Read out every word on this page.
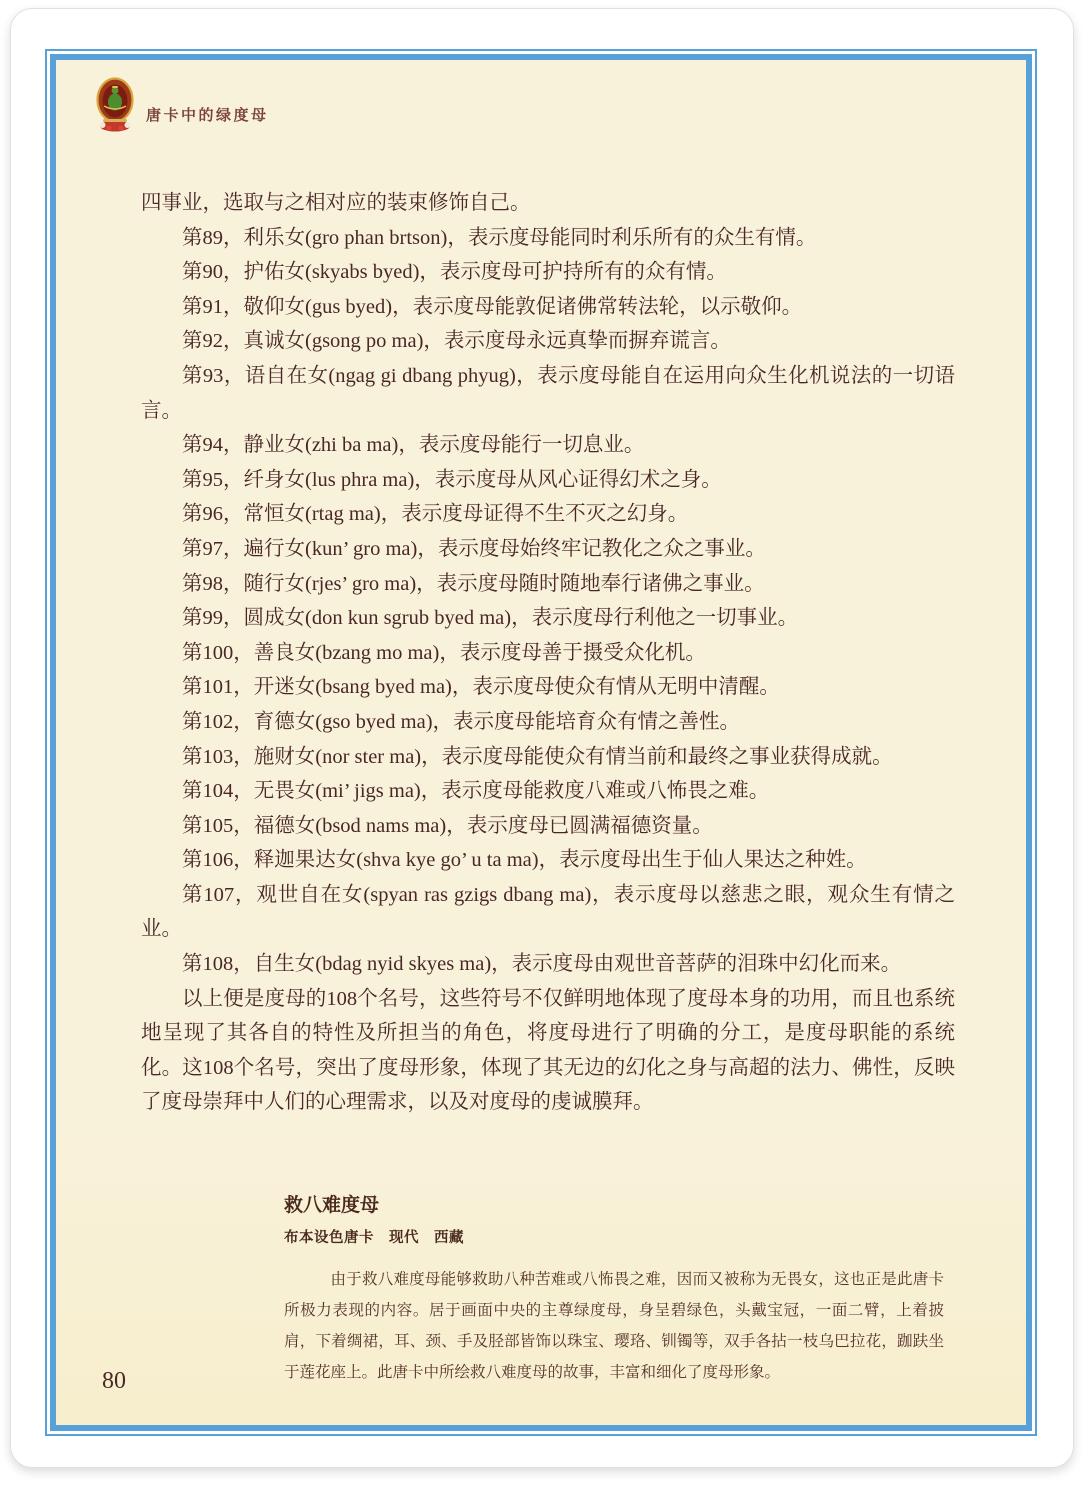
唐卡中的绿度母

四事业，选取与之相对应的装束修饰自己。

第89，利乐女(gro phan brtson)，表示度母能同时利乐所有的众生有情。

第90，护佑女(skyabs byed)，表示度母可护持所有的众有情。

第91，敬仰女(gus byed)，表示度母能敦促诸佛常转法轮，以示敬仰。

第92，真诚女(gsong po ma)，表示度母永远真挚而摒弃谎言。

第93，语自在女(ngag gi dbang phyug)，表示度母能自在运用向众生化机说法的一切语言。

第94，静业女(zhi ba ma)，表示度母能行一切息业。

第95，纤身女(lus phra ma)，表示度母从风心证得幻术之身。

第96，常恒女(rtag ma)，表示度母证得不生不灭之幻身。

第97，遍行女(kun’ gro ma)，表示度母始终牢记教化之众之事业。

第98，随行女(rjes’ gro ma)，表示度母随时随地奉行诸佛之事业。

第99，圆成女(don kun sgrub byed ma)，表示度母行利他之一切事业。

第100，善良女(bzang mo ma)，表示度母善于摄受众化机。

第101，开迷女(bsang byed ma)，表示度母使众有情从无明中清醒。

第102，育德女(gso byed ma)，表示度母能培育众有情之善性。

第103，施财女(nor ster ma)，表示度母能使众有情当前和最终之事业获得成就。

第104，无畏女(mi’ jigs ma)，表示度母能救度八难或八怖畏之难。

第105，福德女(bsod nams ma)，表示度母已圆满福德资量。

第106，释迦果达女(shva kye go’ u ta ma)，表示度母出生于仙人果达之种姓。

第107，观世自在女(spyan ras gzigs dbang ma)，表示度母以慈悲之眼，观众生有情之业。

第108，自生女(bdag nyid skyes ma)，表示度母由观世音菩萨的泪珠中幻化而来。

以上便是度母的108个名号，这些符号不仅鲜明地体现了度母本身的功用，而且也系统地呈现了其各自的特性及所担当的角色，将度母进行了明确的分工，是度母职能的系统化。这108个名号，突出了度母形象，体现了其无边的幻化之身与高超的法力、佛性，反映了度母崇拜中人们的心理需求，以及对度母的虔诚膜拜。

救八难度母

布本设色唐卡　现代　西藏

由于救八难度母能够救助八种苦难或八怖畏之难，因而又被称为无畏女，这也正是此唐卡所极力表现的内容。居于画面中央的主尊绿度母，身呈碧绿色，头戴宝冠，一面二臂，上着披肩，下着绸裙，耳、颈、手及胫部皆饰以珠宝、璎珞、钏镯等，双手各拈一枝乌巴拉花，跏趺坐于莲花座上。此唐卡中所绘救八难度母的故事，丰富和细化了度母形象。

80
